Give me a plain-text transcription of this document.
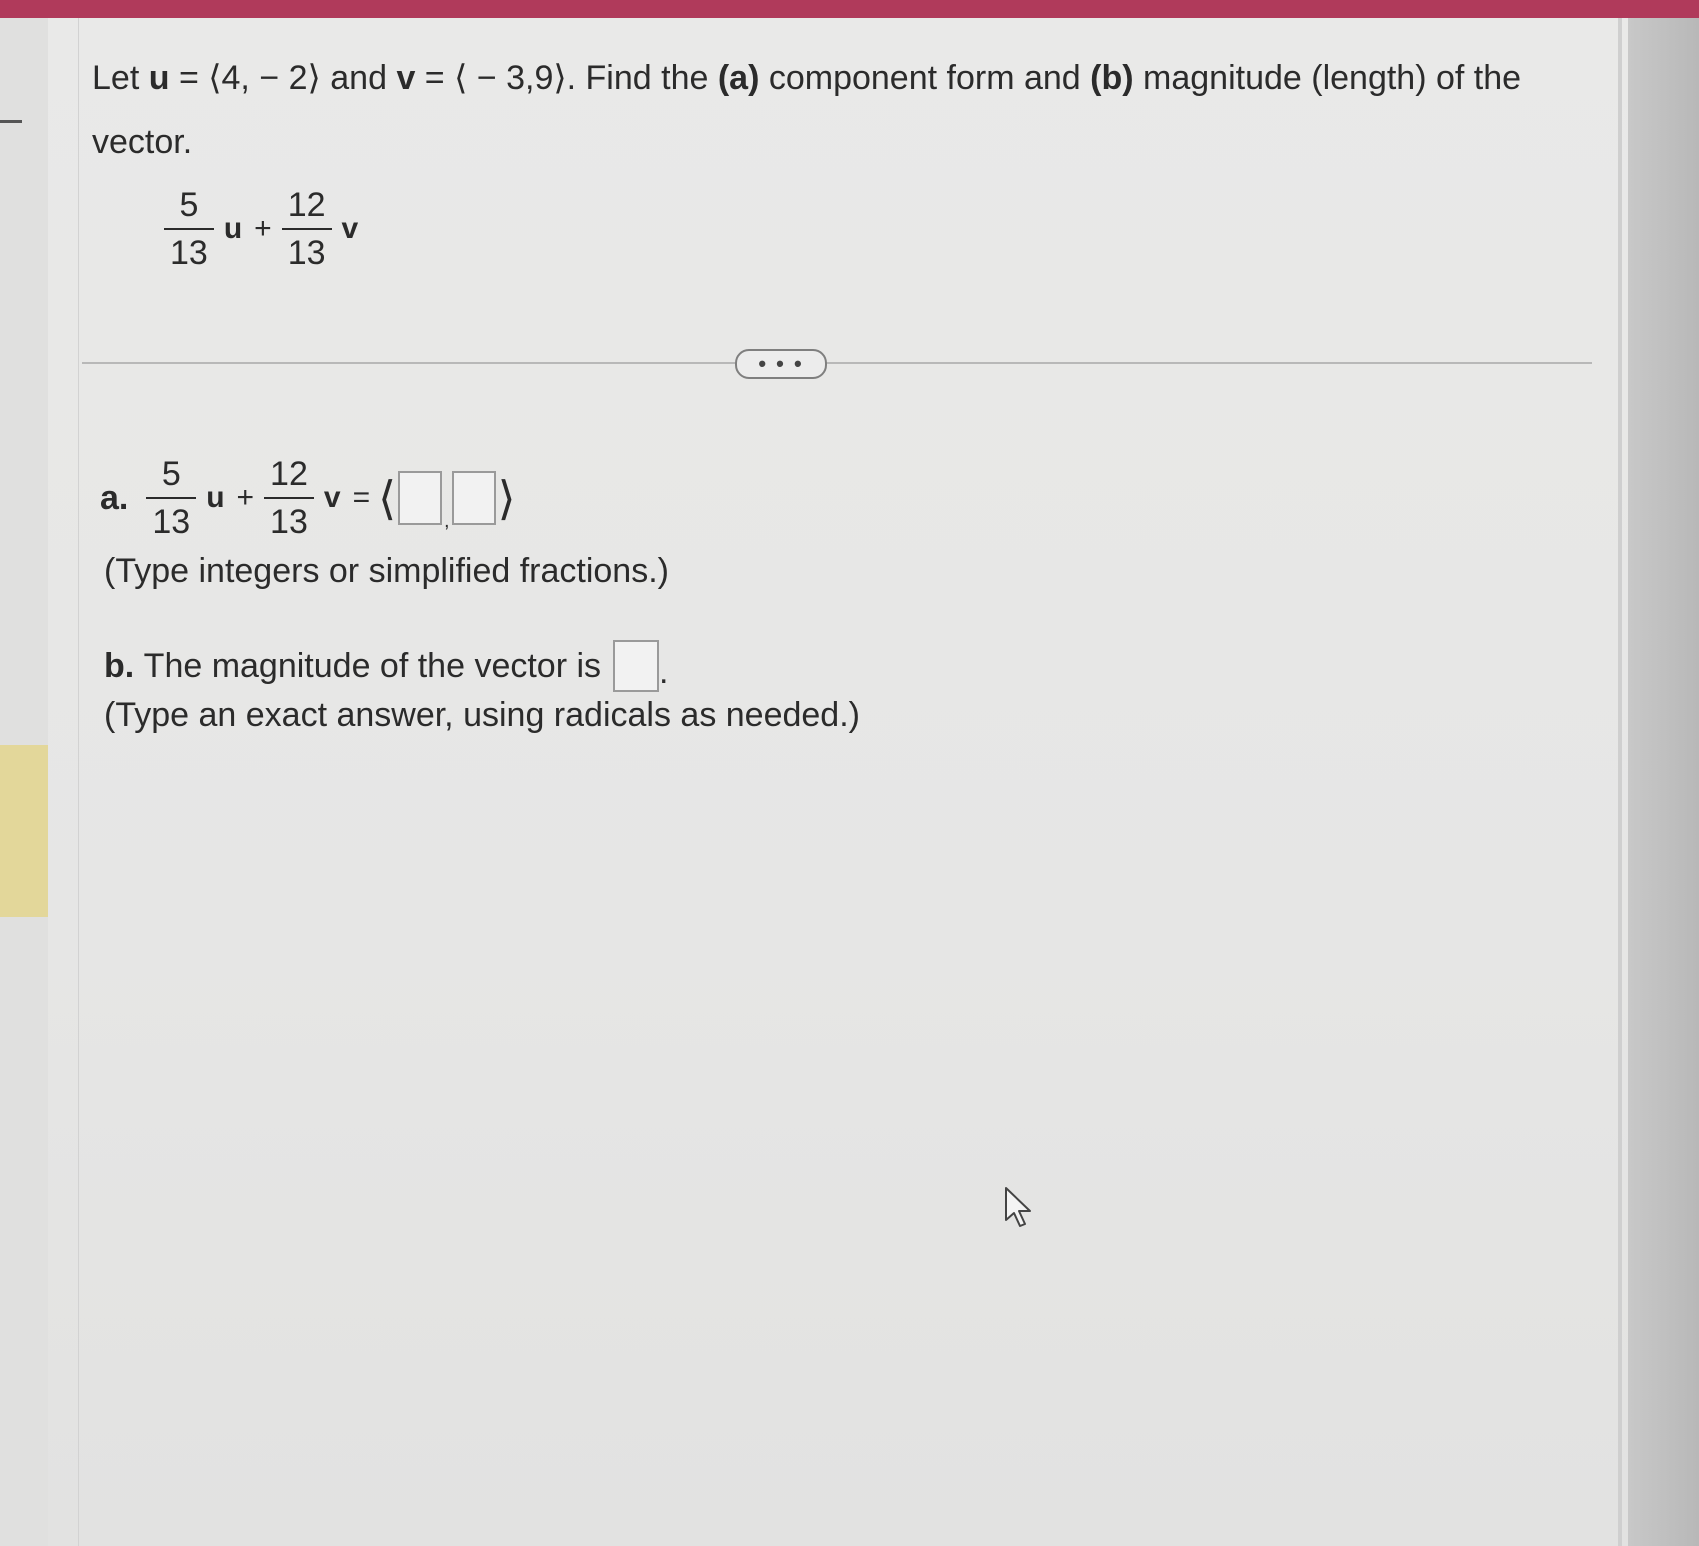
Let u = ⟨4, − 2⟩ and v = ⟨ − 3,9⟩. Find the (a) component form and (b) magnitude (length) of the vector.
$\frac{5}{13}$ $u + \frac{12}{13}$ v
• • •
a. $\frac{5}{13}$ $u + \frac{12}{13}$ v = ⟨ , ⟩
(Type integers or simplified fractions.)
b.
The magnitude of the vector is .
(Type an exact answer, using radicals as needed.)
